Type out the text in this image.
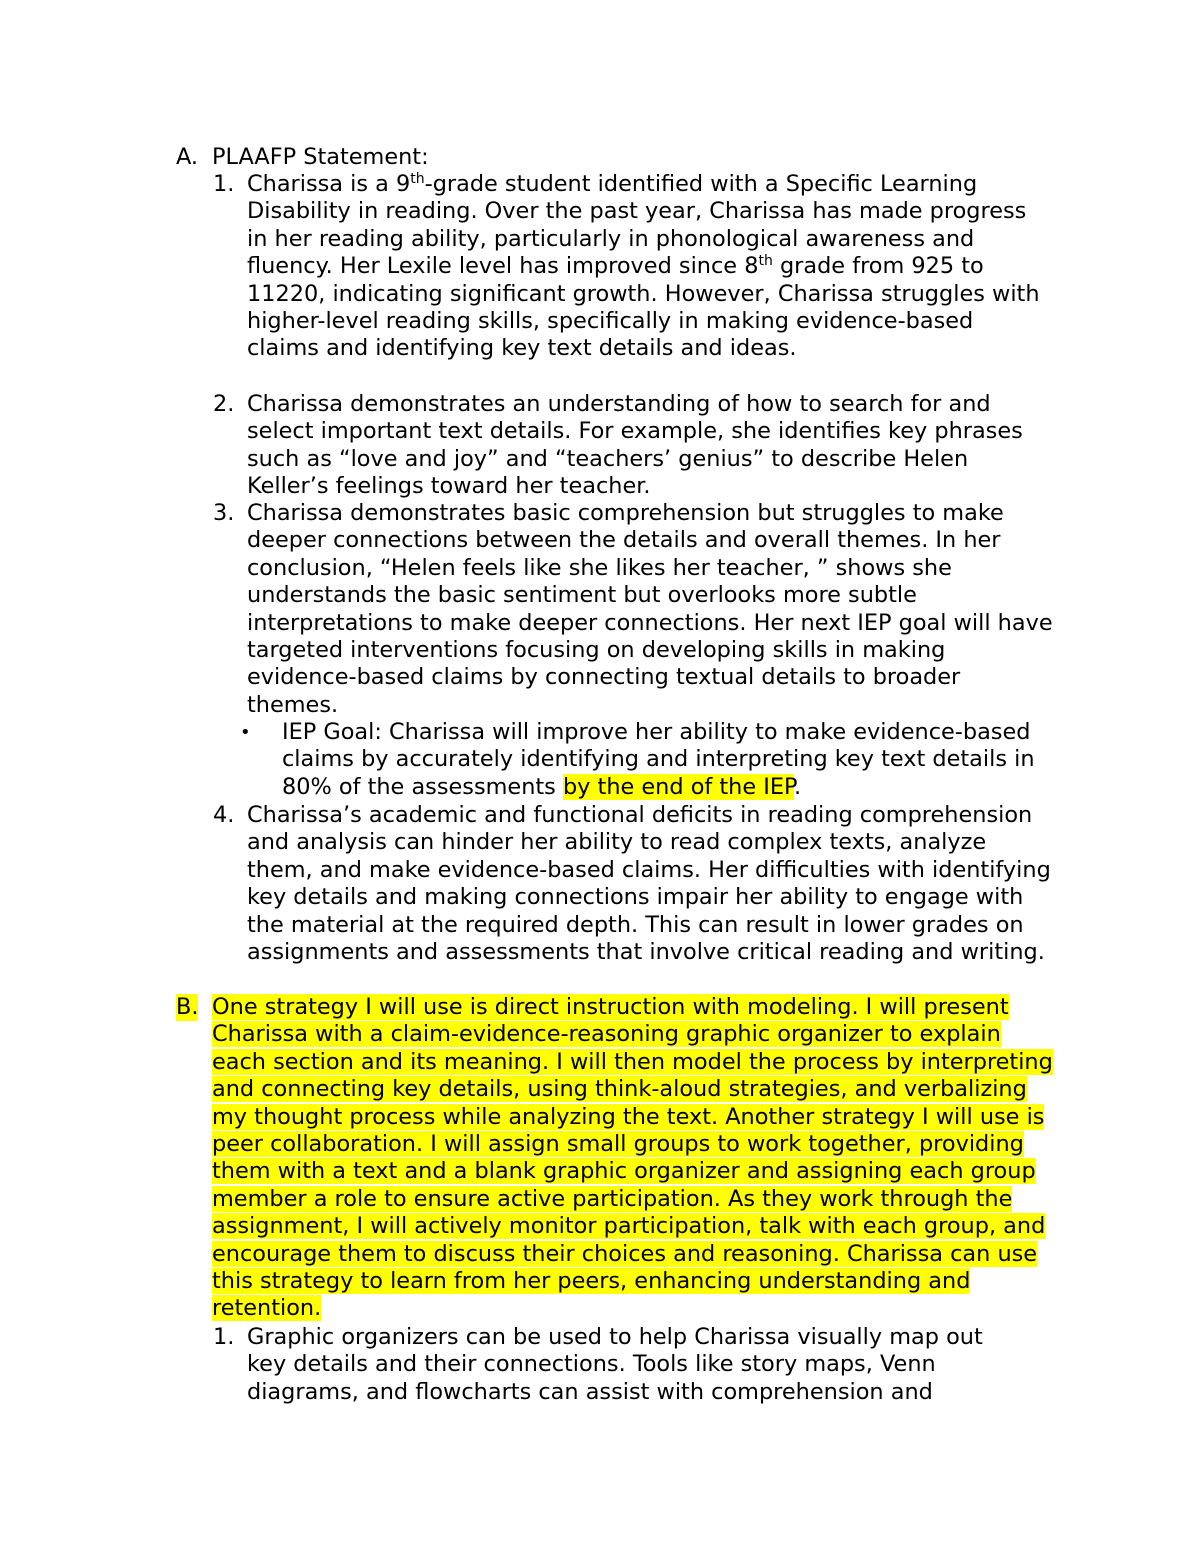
A. PLAAFP Statement:
1. Charissa is a 9th-grade student identified with a Specific Learning Disability in reading. Over the past year, Charissa has made progress in her reading ability, particularly in phonological awareness and fluency. Her Lexile level has improved since 8th grade from 925 to 11220, indicating significant growth. However, Charissa struggles with higher-level reading skills, specifically in making evidence-based claims and identifying key text details and ideas.
2. Charissa demonstrates an understanding of how to search for and select important text details. For example, she identifies key phrases such as “love and joy” and “teachers’ genius” to describe Helen Keller’s feelings toward her teacher.
3. Charissa demonstrates basic comprehension but struggles to make deeper connections between the details and overall themes. In her conclusion, “Helen feels like she likes her teacher, ” shows she understands the basic sentiment but overlooks more subtle interpretations to make deeper connections. Her next IEP goal will have targeted interventions focusing on developing skills in making evidence-based claims by connecting textual details to broader themes.
• IEP Goal: Charissa will improve her ability to make evidence-based claims by accurately identifying and interpreting key text details in 80% of the assessments by the end of the IEP.
4. Charissa’s academic and functional deficits in reading comprehension and analysis can hinder her ability to read complex texts, analyze them, and make evidence-based claims. Her difficulties with identifying key details and making connections impair her ability to engage with the material at the required depth. This can result in lower grades on assignments and assessments that involve critical reading and writing.
B. One strategy I will use is direct instruction with modeling. I will present Charissa with a claim-evidence-reasoning graphic organizer to explain each section and its meaning. I will then model the process by interpreting and connecting key details, using think-aloud strategies, and verbalizing my thought process while analyzing the text. Another strategy I will use is peer collaboration. I will assign small groups to work together, providing them with a text and a blank graphic organizer and assigning each group member a role to ensure active participation. As they work through the assignment, I will actively monitor participation, talk with each group, and encourage them to discuss their choices and reasoning. Charissa can use this strategy to learn from her peers, enhancing understanding and retention.
1. Graphic organizers can be used to help Charissa visually map out key details and their connections. Tools like story maps, Venn diagrams, and flowcharts can assist with comprehension and
